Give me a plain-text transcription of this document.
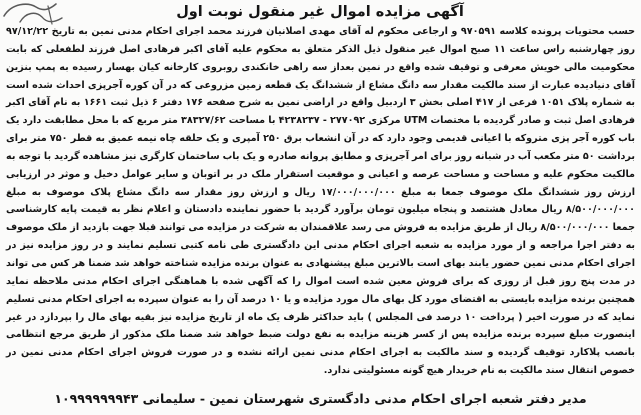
آگهی مزایده اموال غیر منقول نوبت اول

حسب محتویات پرونده کلاسه ۹۷۰۵۹۱ و ارجاعی محکوم له آقای مهدی اصلانیان فرزند محمد اجرای احکام مدنی نمین به تاریخ ۹۷/۱۲/۲۲ روز چهارشنبه راس ساعت ۱۱ صبح اموال غیر منقول ذیل الذکر متعلق به محکوم علیه آقای اکبر فرهادی اصل فرزند لطفعلی که بابت محکومیت مالی خویش معرفی و توقیف شده واقع در نمین بعداز سه راهی خانکندی روبروی کارخانه کیان بهسار رسیده به پمپ بنزین آقای دنیادیده عبارت از سند مالکیت مقدار سه دانگ مشاع از ششدانگ یک قطعه زمین مزروعی که در آن کوره آجرپزی احداث شده است به شماره پلاک ۱۰۵۱ فرعی از ۴۱۷ اصلی بخش ۳ اردبیل واقع در اراضی نمین به شرح صفحه ۱۷۶ دفتر ۶ ذیل ثبت ۱۶۶۱ به نام آقای اکبر فرهادی اصل ثبت و صادر گردیده با مختصات UTM مرکزی ۲۷۷۰۹۲ - ۴۲۳۸۲۳۷ با مساحت ۳۸۳۲۷/۶۲ متر مربع که با محل مطابقت دارد یک باب کوره آجر پزی متروکه با اعیانی قدیمی وجود دارد که در آن انشعاب برق ۲۵۰ آمپری و یک حلقه چاه نیمه عمیق به قطر ۷۵۰ متر برای برداشت ۵۰ متر مکعب آب در شبانه روز برای امر آجرپزی و مطابق پروانه صادره و یک باب ساختمان کارگری نیز مشاهده گردید با توجه به مالکیت محکوم علیه و مساحت و مساحت عرصه و اعیانی و موقعیت استقرار ملک در بر اتوبان و سایر عوامل دخیل و موثر در ارزیابی ارزش روز ششدانگ ملک موصوف جمعا به مبلغ ۱۷/۰۰۰/۰۰۰/۰۰۰ ریال و ارزش روز مقدار سه دانگ مشاع پلاک موصوف به مبلغ ۸/۵۰۰/۰۰۰/۰۰۰ ریال معادل هشتصد و پنجاه میلیون تومان برآورد گردید با حضور نماینده دادستان و اعلام نظر به قیمت پایه کارشناسی جمعا ۸/۵۰۰/۰۰۰/۰۰۰ ریال از طریق مزایده به فروش می رسد علاقمندان به شرکت در مزایده می توانند قبلا جهت بازدید از ملک موصوف به دفتر اجرا مراجعه و از مورد مزایده به شعبه اجرای احکام مدنی این دادگستری طی نامه کتبی تسلیم نمایند و در روز مزایده نیز در اجرای احکام مدنی نمین حضور یابند بهای است بالاترین مبلغ پیشنهادی به عنوان برنده مزایده شناخته خواهد شد ضمنا هر کس می تواند در مدت پنج روز قبل از روزی که برای فروش معین شده است اموال را که آگهی شده با هماهنگی اجرای احکام مدنی ملاحظه نماید همچنین برنده مزایده بایستی به اقتضای مورد کل بهای مال مورد مزایده و یا ۱۰ درصد آن را به عنوان سپرده به اجرای احکام مدنی تسلیم نماید که در صورت اخیر ( پرداخت ۱۰ درصد فی المجلس ) باید حداکثر ظرف یک ماه از تاریخ مزایده نیز بقیه بهای مال را بپردازد در غیر اینصورت مبلغ سپرده برنده مزایده پس از کسر هزینه مزایده به نفع دولت ضبط خواهد شد ضمنا ملک مذکور از طریق مرجع انتظامی بانصب پلاکارد توقیف گردیده و سند مالکیت به اجرای احکام مدنی نمین ارائه نشده و در صورت فروش اجرای احکام مدنی نمین در خصوص انتقال سند مالکیت به نام خریدار هیچ گونه مسئولیتی ندارد.

مدیر دفتر شعبه اجرای احکام مدنی دادگستری شهرستان نمین - سلیمانی ۱۰۹۹۹۹۹۹۹۴۳
